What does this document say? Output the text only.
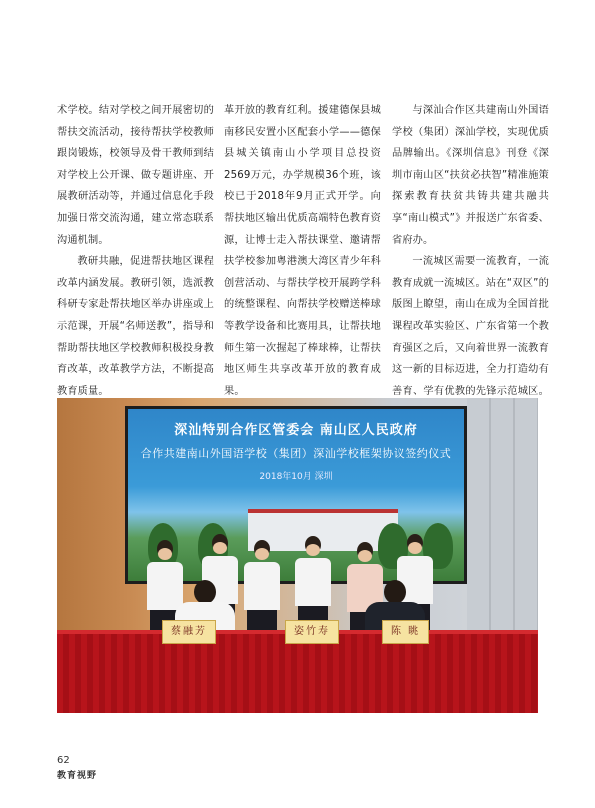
术学校。结对学校之间开展密切的帮扶交流活动，接待帮扶学校教师跟岗锻炼，校领导及骨干教师到结对学校上公开课、做专题讲座、开展教研活动等，并通过信息化手段加强日常交流沟通，建立常态联系沟通机制。

教研共融，促进帮扶地区课程改革内涵发展。教研引领，选派教科研专家赴帮扶地区举办讲座或上示范课，开展“名师送教”，指导和帮助帮扶地区学校教师积极投身教育改革，改革教学方法，不断提高教育质量。

革开放的教育红利。援建德保县城南移民安置小区配套小学——德保县城关镇南山小学项目总投资2569万元，办学规模36个班，该校已于2018年9月正式开学。向帮扶地区输出优质高端特色教育资源，让博士走入帮扶课堂、邀请帮扶学校参加粤港澳大湾区青少年科创营活动、与帮扶学校开展跨学科的统整课程、向帮扶学校赠送棒球等教学设备和比赛用具，让帮扶地师生第一次握起了棒球棒，让帮扶地区师生共享改革开放的教育成果。

与深汕合作区共建南山外国语学校（集团）深汕学校，实现优质品牌输出。《深圳信息》刊登《深圳市南山区“扶贫必扶智”精准施策探索教育扶贫共铸共建共融共享“南山模式”》并报送广东省委、省府办。

一流城区需要一流教育，一流教育成就一流城区。站在“双区”的版图上瞭望，南山在成为全国首批课程改革实验区、广东省第一个教育强区之后，又向着世界一流教育这一新的目标迈进，全力打造幼有善育、学有优教的先锋示范城区。

深汕特别合作区管委会 南山区人民政府
合作共建南山外国语学校（集团）深汕学校框架协议签约仪式
2018年10月 深圳
蔡融芳	姿竹寿	陈 眺
62
教育视野
